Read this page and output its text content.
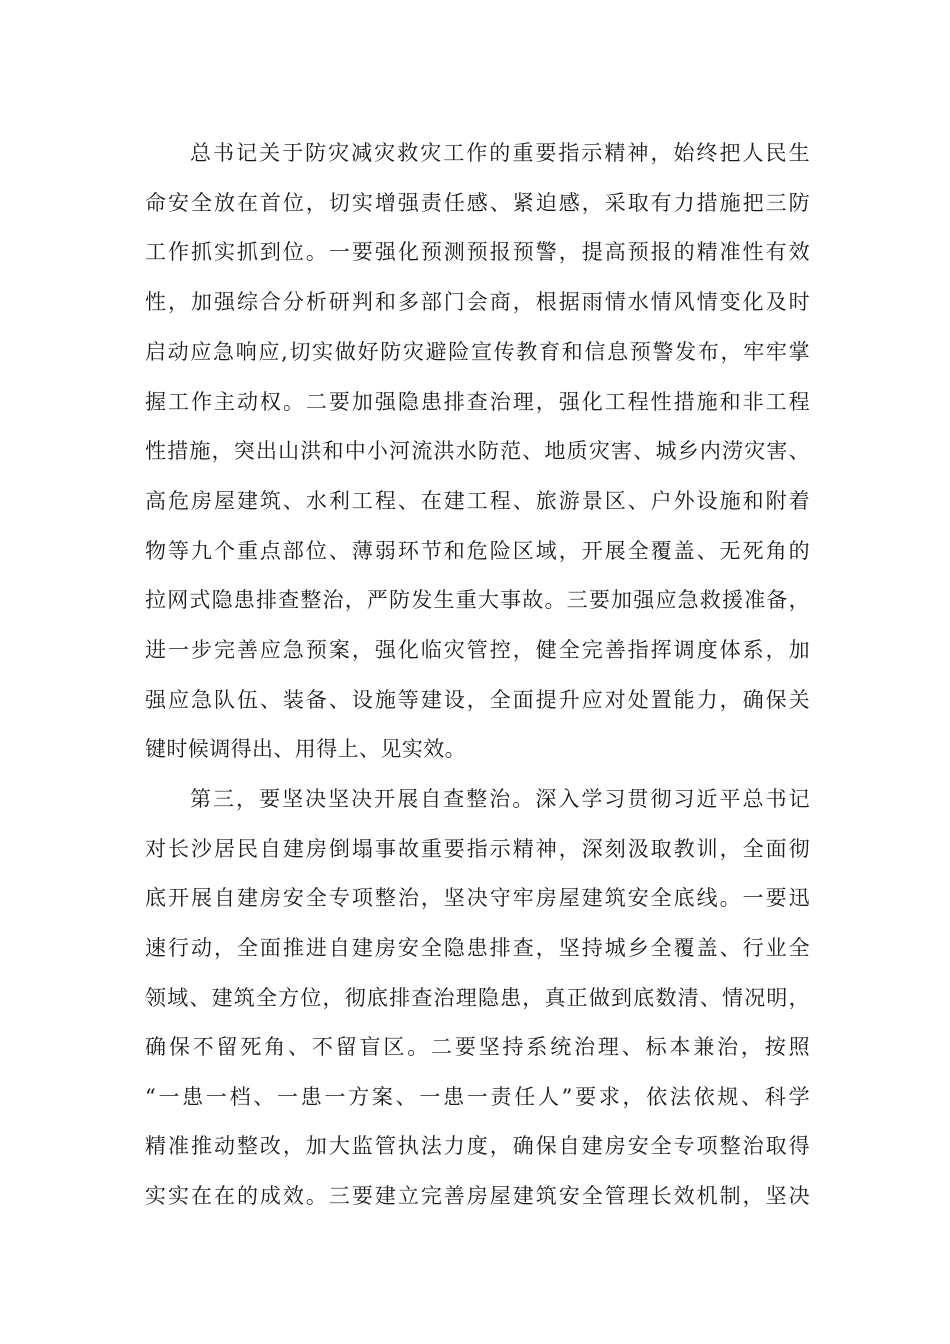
总书记关于防灾减灾救灾工作的重要指示精神，始终把人民生
命安全放在首位，切实增强责任感、紧迫感，采取有力措施把三防
工作抓实抓到位。一要强化预测预报预警，提高预报的精准性有效
性，加强综合分析研判和多部门会商，根据雨情水情风情变化及时
启动应急响应,切实做好防灾避险宣传教育和信息预警发布，牢牢掌
握工作主动权。二要加强隐患排查治理，强化工程性措施和非工程
性措施，突出山洪和中小河流洪水防范、地质灾害、城乡内涝灾害、
高危房屋建筑、水利工程、在建工程、旅游景区、户外设施和附着
物等九个重点部位、薄弱环节和危险区域，开展全覆盖、无死角的
拉网式隐患排查整治，严防发生重大事故。三要加强应急救援准备，
进一步完善应急预案，强化临灾管控，健全完善指挥调度体系，加
强应急队伍、装备、设施等建设，全面提升应对处置能力，确保关
键时候调得出、用得上、见实效。
第三，要坚决坚决开展自查整治。深入学习贯彻习近平总书记
对长沙居民自建房倒塌事故重要指示精神，深刻汲取教训，全面彻
底开展自建房安全专项整治，坚决守牢房屋建筑安全底线。一要迅
速行动，全面推进自建房安全隐患排查，坚持城乡全覆盖、行业全
领域、建筑全方位，彻底排查治理隐患，真正做到底数清、情况明，
确保不留死角、不留盲区。二要坚持系统治理、标本兼治，按照
“一患一档、一患一方案、一患一责任人”要求，依法依规、科学
精准推动整改，加大监管执法力度，确保自建房安全专项整治取得
实实在在的成效。三要建立完善房屋建筑安全管理长效机制，坚决
